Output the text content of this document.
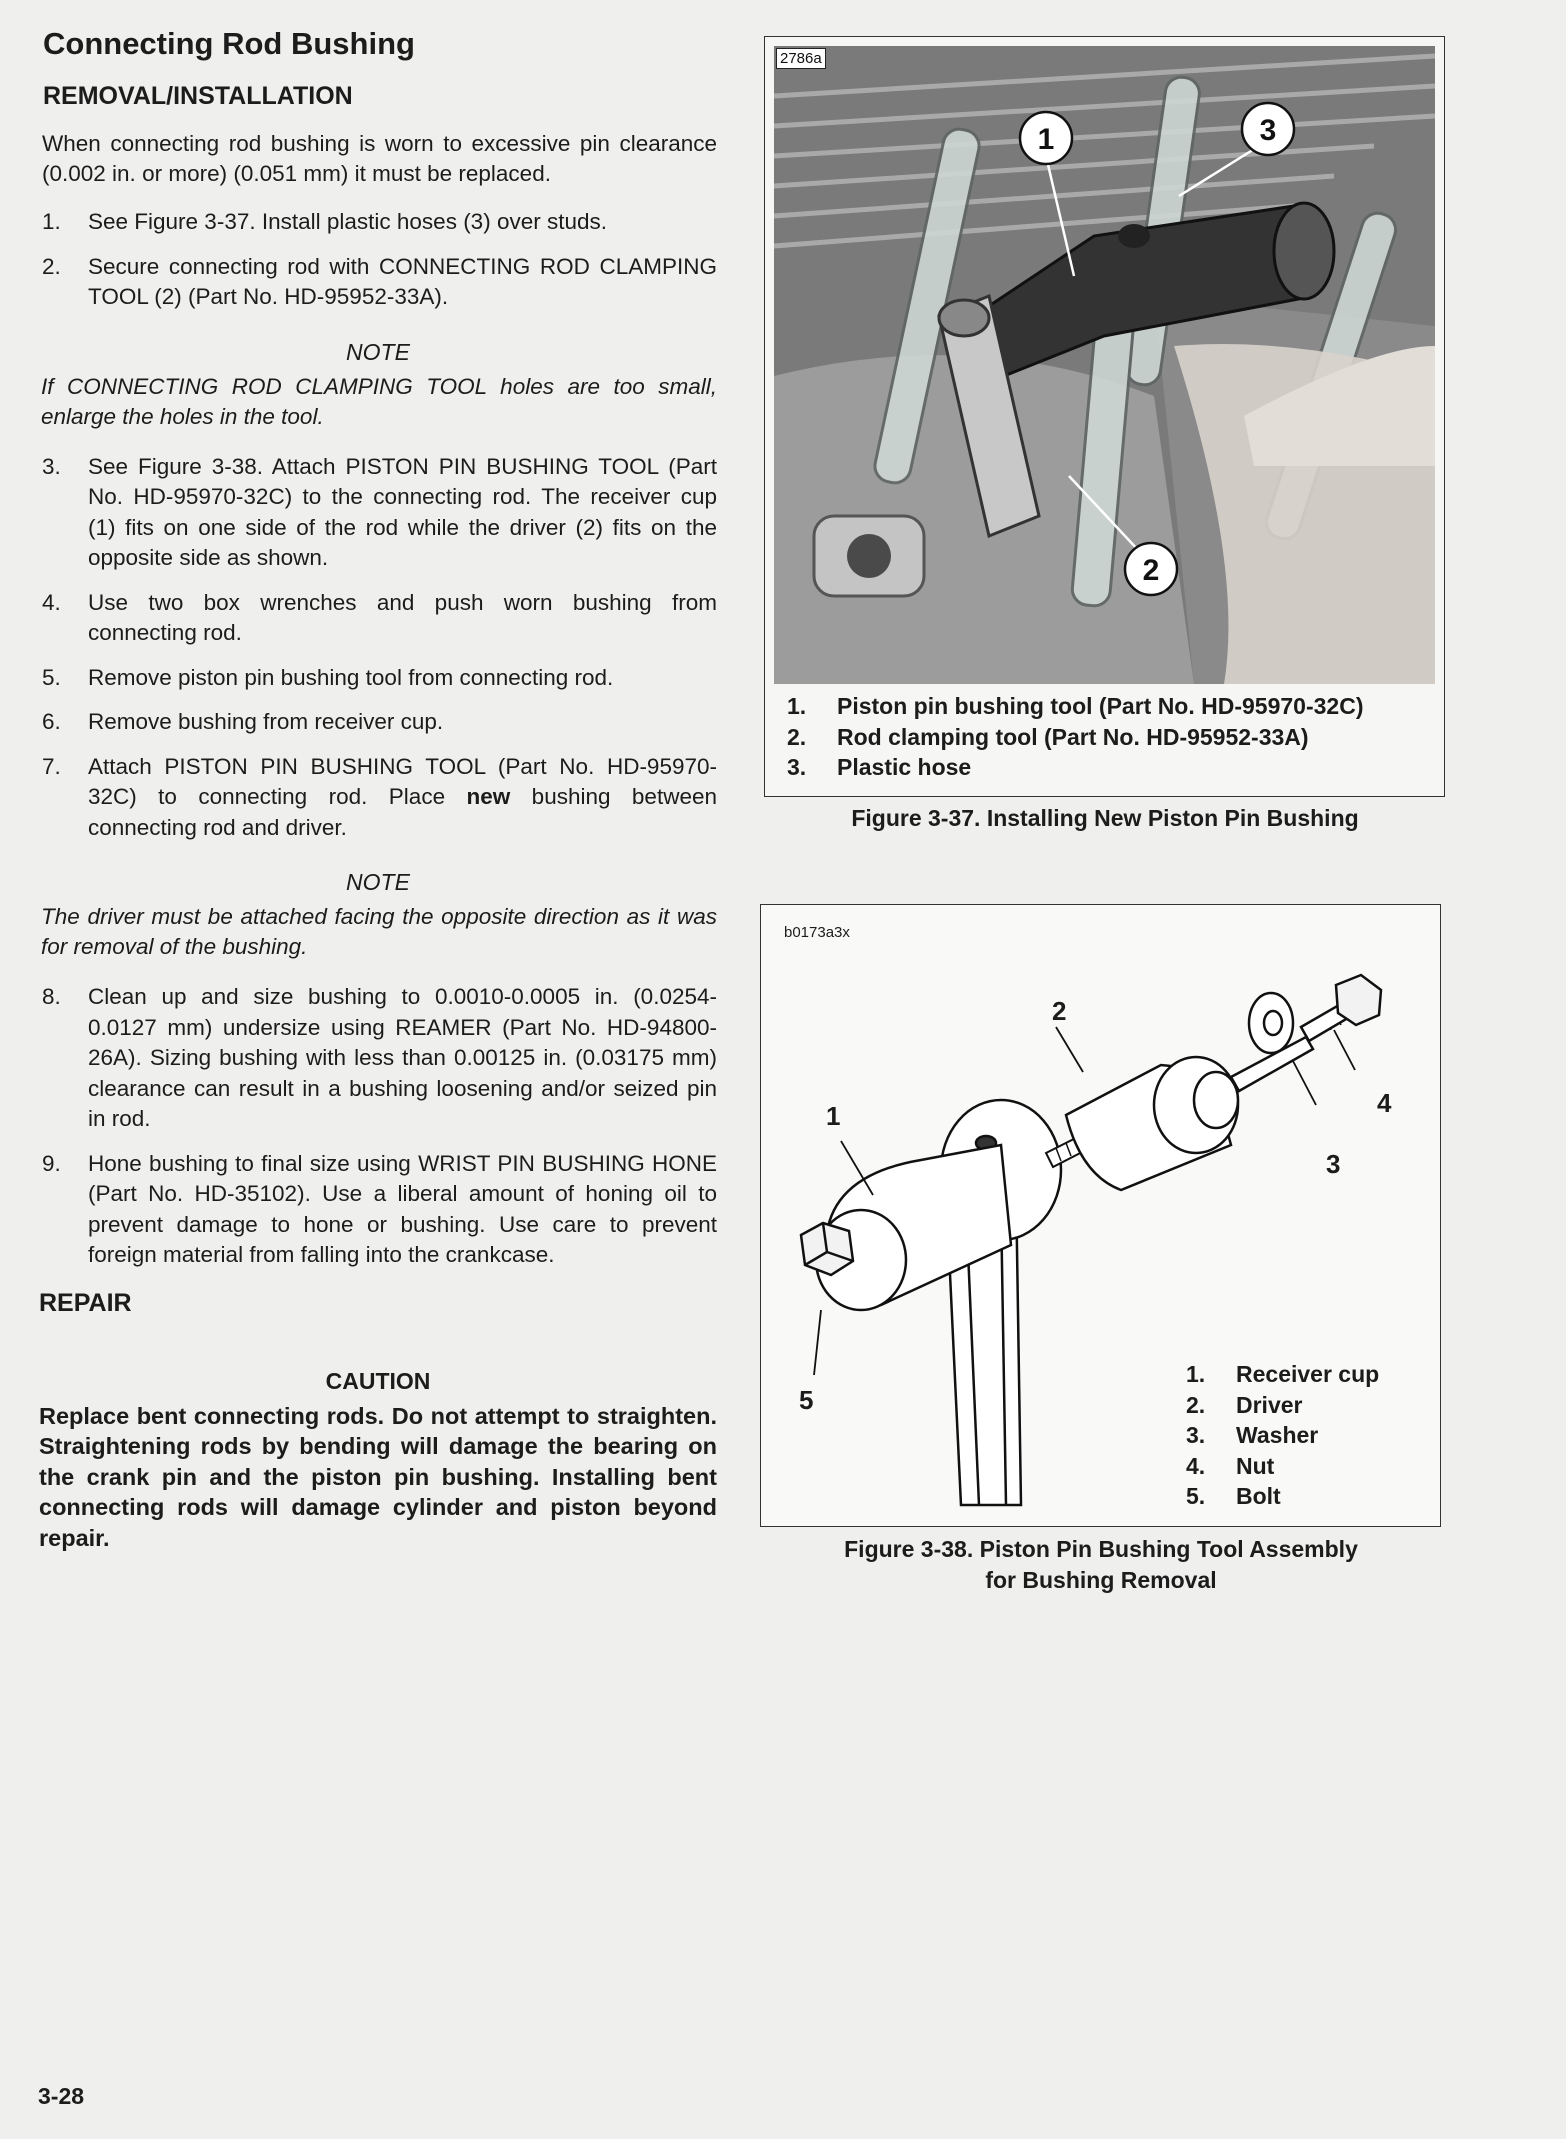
Connecting Rod Bushing
REMOVAL/INSTALLATION
When connecting rod bushing is worn to excessive pin clearance (0.002 in. or more) (0.051 mm) it must be replaced.
1.	See Figure 3-37. Install plastic hoses (3) over studs.
2.	Secure connecting rod with CONNECTING ROD CLAMPING TOOL (2) (Part No. HD-95952-33A).
NOTE
If CONNECTING ROD CLAMPING TOOL holes are too small, enlarge the holes in the tool.
3.	See Figure 3-38. Attach PISTON PIN BUSHING TOOL (Part No. HD-95970-32C) to the connecting rod. The receiver cup (1) fits on one side of the rod while the driver (2) fits on the opposite side as shown.
4.	Use two box wrenches and push worn bushing from connecting rod.
5.	Remove piston pin bushing tool from connecting rod.
6.	Remove bushing from receiver cup.
7.	Attach PISTON PIN BUSHING TOOL (Part No. HD-95970-32C) to connecting rod. Place new bushing between connecting rod and driver.
NOTE
The driver must be attached facing the opposite direction as it was for removal of the bushing.
8.	Clean up and size bushing to 0.0010-0.0005 in. (0.0254-0.0127 mm) undersize using REAMER (Part No. HD-94800-26A). Sizing bushing with less than 0.00125 in. (0.03175 mm) clearance can result in a bushing loosening and/or seized pin in rod.
9.	Hone bushing to final size using WRIST PIN BUSHING HONE (Part No. HD-35102). Use a liberal amount of honing oil to prevent damage to hone or bushing. Use care to prevent foreign material from falling into the crankcase.
REPAIR
CAUTION
Replace bent connecting rods. Do not attempt to straighten. Straightening rods by bending will damage the bearing on the crank pin and the piston pin bushing. Installing bent connecting rods will damage cylinder and piston beyond repair.
3-28
1	3
2
2786a
1.	Piston pin bushing tool (Part No. HD-95970-32C)
2.	Rod clamping tool (Part No. HD-95952-33A)
3.	Plastic hose
Figure 3-37. Installing New Piston Pin Bushing
b0173a3x
1
2
3
4
5
1.	Receiver cup
2.	Driver
3.	Washer
4.	Nut
5.	Bolt
Figure 3-38. Piston Pin Bushing Tool Assembly
for Bushing Removal
